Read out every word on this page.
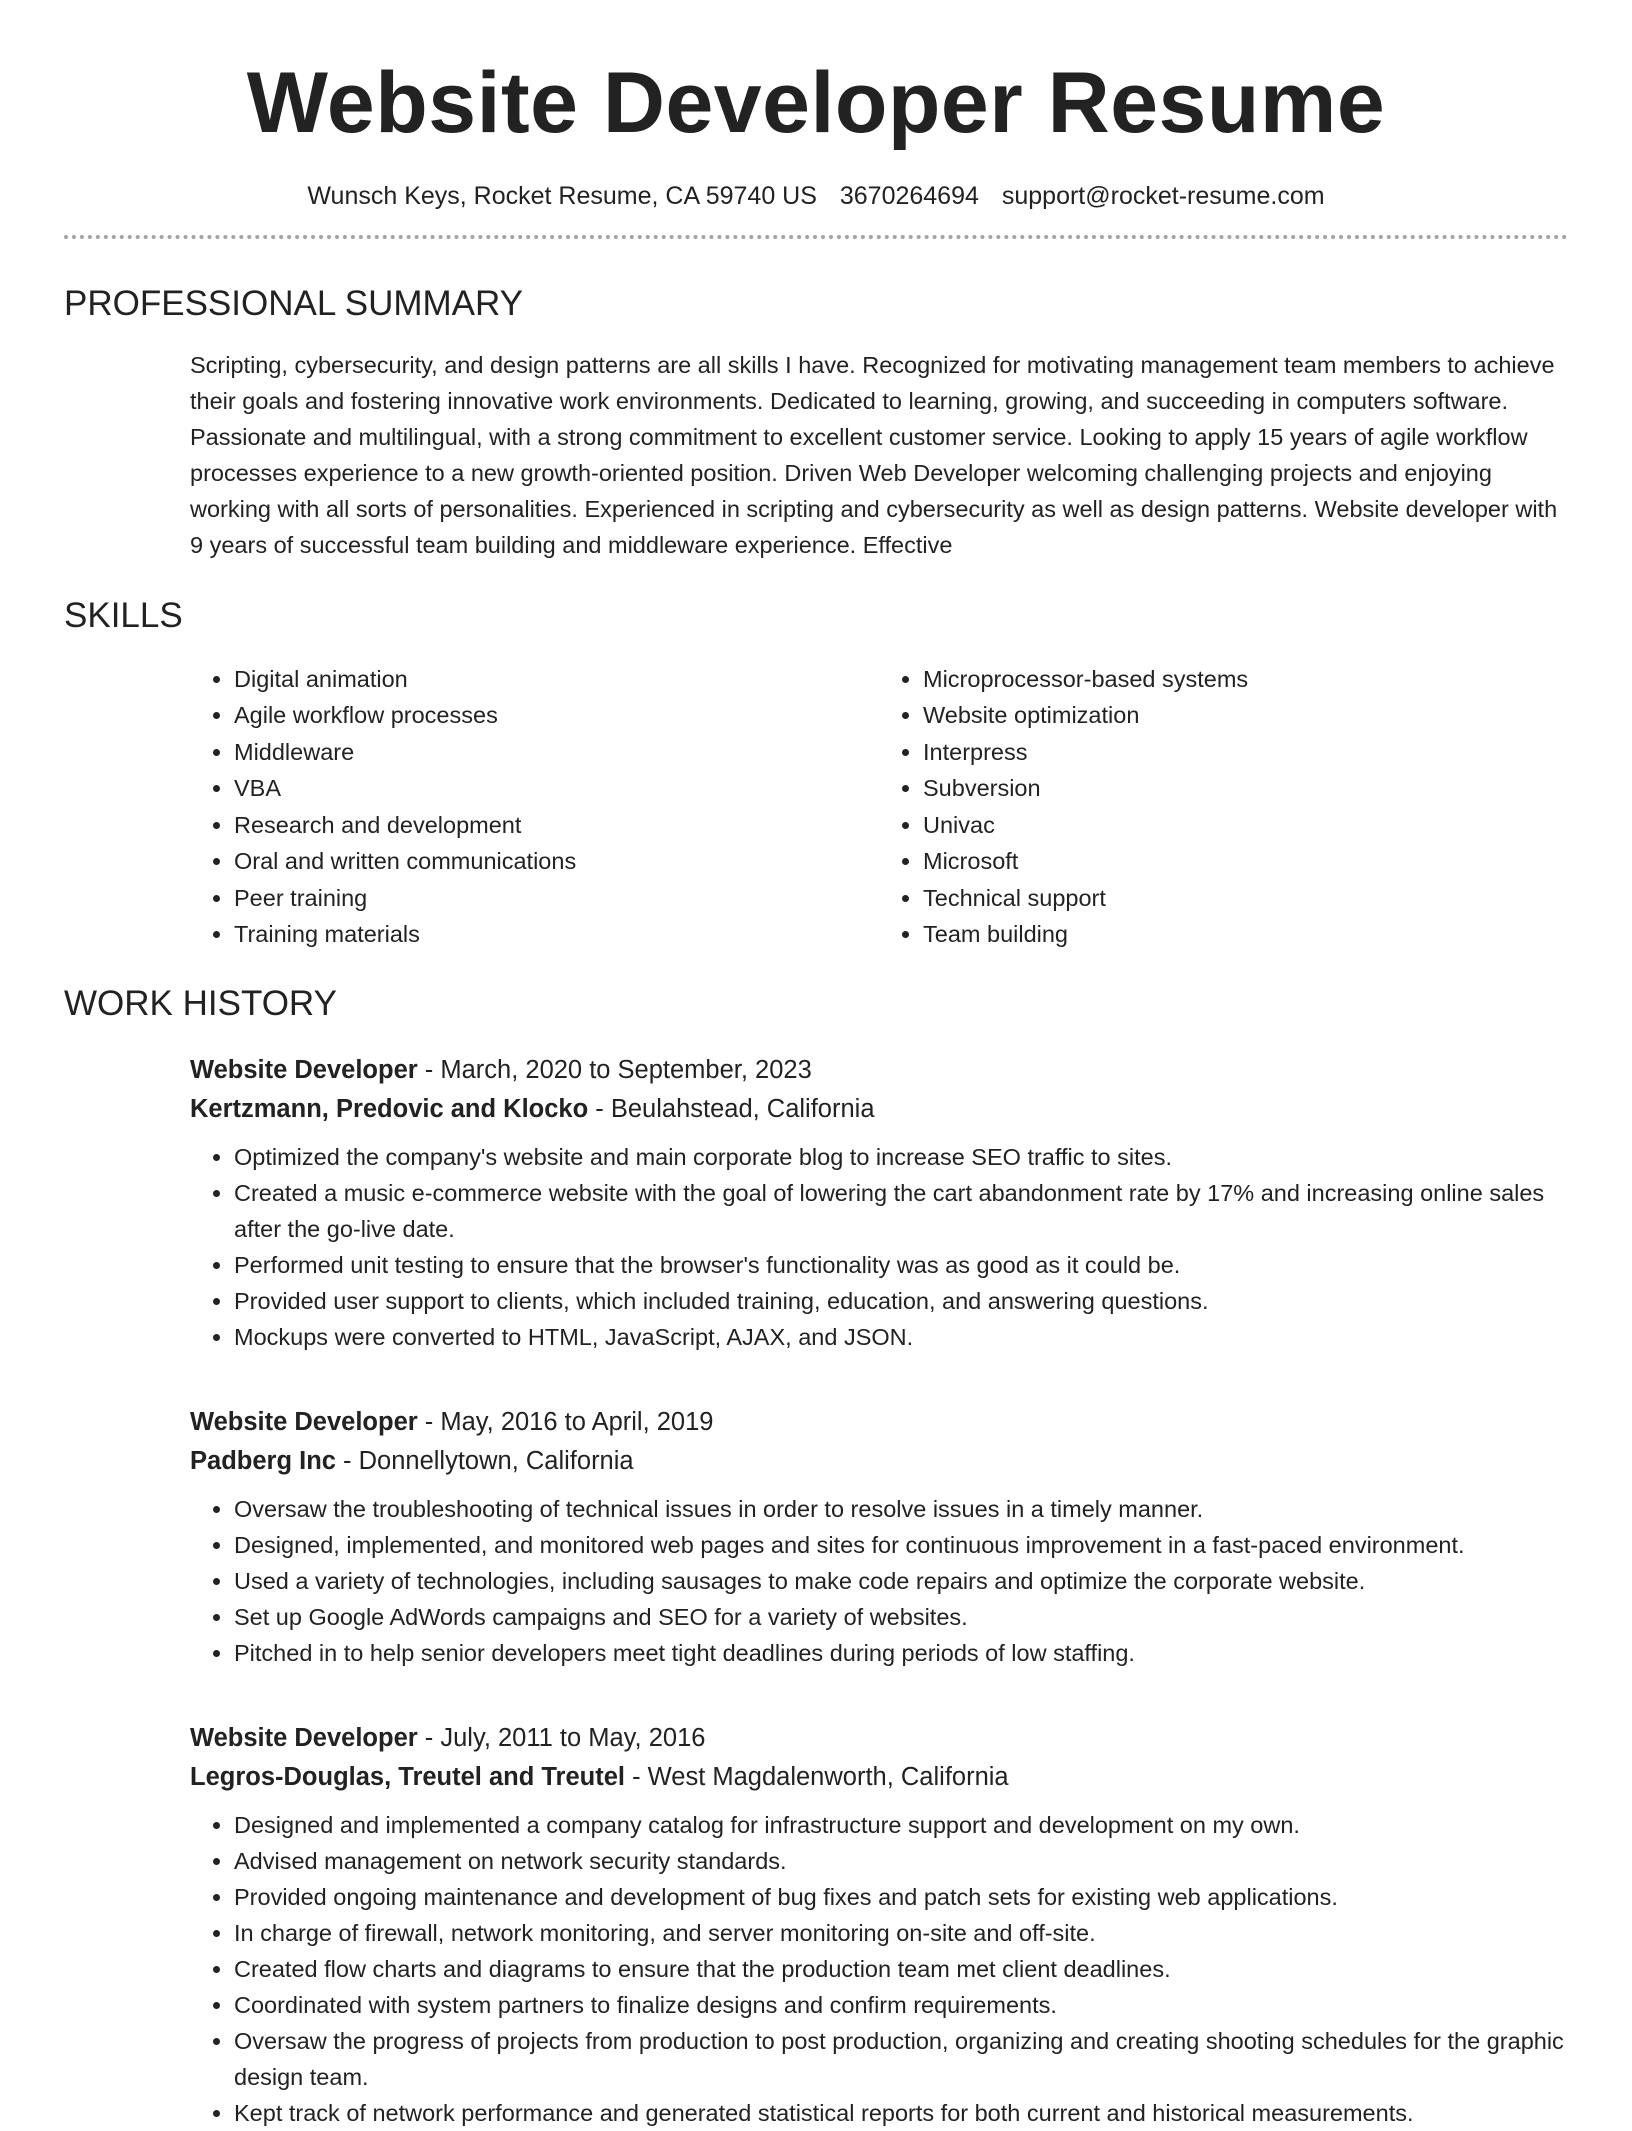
Website Developer Resume
Wunsch Keys, Rocket Resume, CA 59740 US 3670264694 support@rocket-resume.com
PROFESSIONAL SUMMARY

Scripting, cybersecurity, and design patterns are all skills I have. Recognized for motivating management team members to achieve their goals and fostering innovative work environments. Dedicated to learning, growing, and succeeding in computers software. Passionate and multilingual, with a strong commitment to excellent customer service. Looking to apply 15 years of agile workflow processes experience to a new growth-oriented position. Driven Web Developer welcoming challenging projects and enjoying working with all sorts of personalities. Experienced in scripting and cybersecurity as well as design patterns. Website developer with 9 years of successful team building and middleware experience. Effective

SKILLS
• Digital animation
• Agile workflow processes
• Middleware
• VBA
• Research and development
• Oral and written communications
• Peer training
• Training materials
• Microprocessor-based systems
• Website optimization
• Interpress
• Subversion
• Univac
• Microsoft
• Technical support
• Team building
WORK HISTORY
Website Developer - March, 2020 to September, 2023
Kertzmann, Predovic and Klocko - Beulahstead, California
• Optimized the company's website and main corporate blog to increase SEO traffic to sites.
• Created a music e-commerce website with the goal of lowering the cart abandonment rate by 17% and increasing online sales after the go-live date.
• Performed unit testing to ensure that the browser's functionality was as good as it could be.
• Provided user support to clients, which included training, education, and answering questions.
• Mockups were converted to HTML, JavaScript, AJAX, and JSON.
Website Developer - May, 2016 to April, 2019
Padberg Inc - Donnellytown, California
• Oversaw the troubleshooting of technical issues in order to resolve issues in a timely manner.
• Designed, implemented, and monitored web pages and sites for continuous improvement in a fast-paced environment.
• Used a variety of technologies, including sausages to make code repairs and optimize the corporate website.
• Set up Google AdWords campaigns and SEO for a variety of websites.
• Pitched in to help senior developers meet tight deadlines during periods of low staffing.
Website Developer - July, 2011 to May, 2016
Legros-Douglas, Treutel and Treutel - West Magdalenworth, California
• Designed and implemented a company catalog for infrastructure support and development on my own.
• Advised management on network security standards.
• Provided ongoing maintenance and development of bug fixes and patch sets for existing web applications.
• In charge of firewall, network monitoring, and server monitoring on-site and off-site.
• Created flow charts and diagrams to ensure that the production team met client deadlines.
• Coordinated with system partners to finalize designs and confirm requirements.
• Oversaw the progress of projects from production to post production, organizing and creating shooting schedules for the graphic design team.
• Kept track of network performance and generated statistical reports for both current and historical measurements.
